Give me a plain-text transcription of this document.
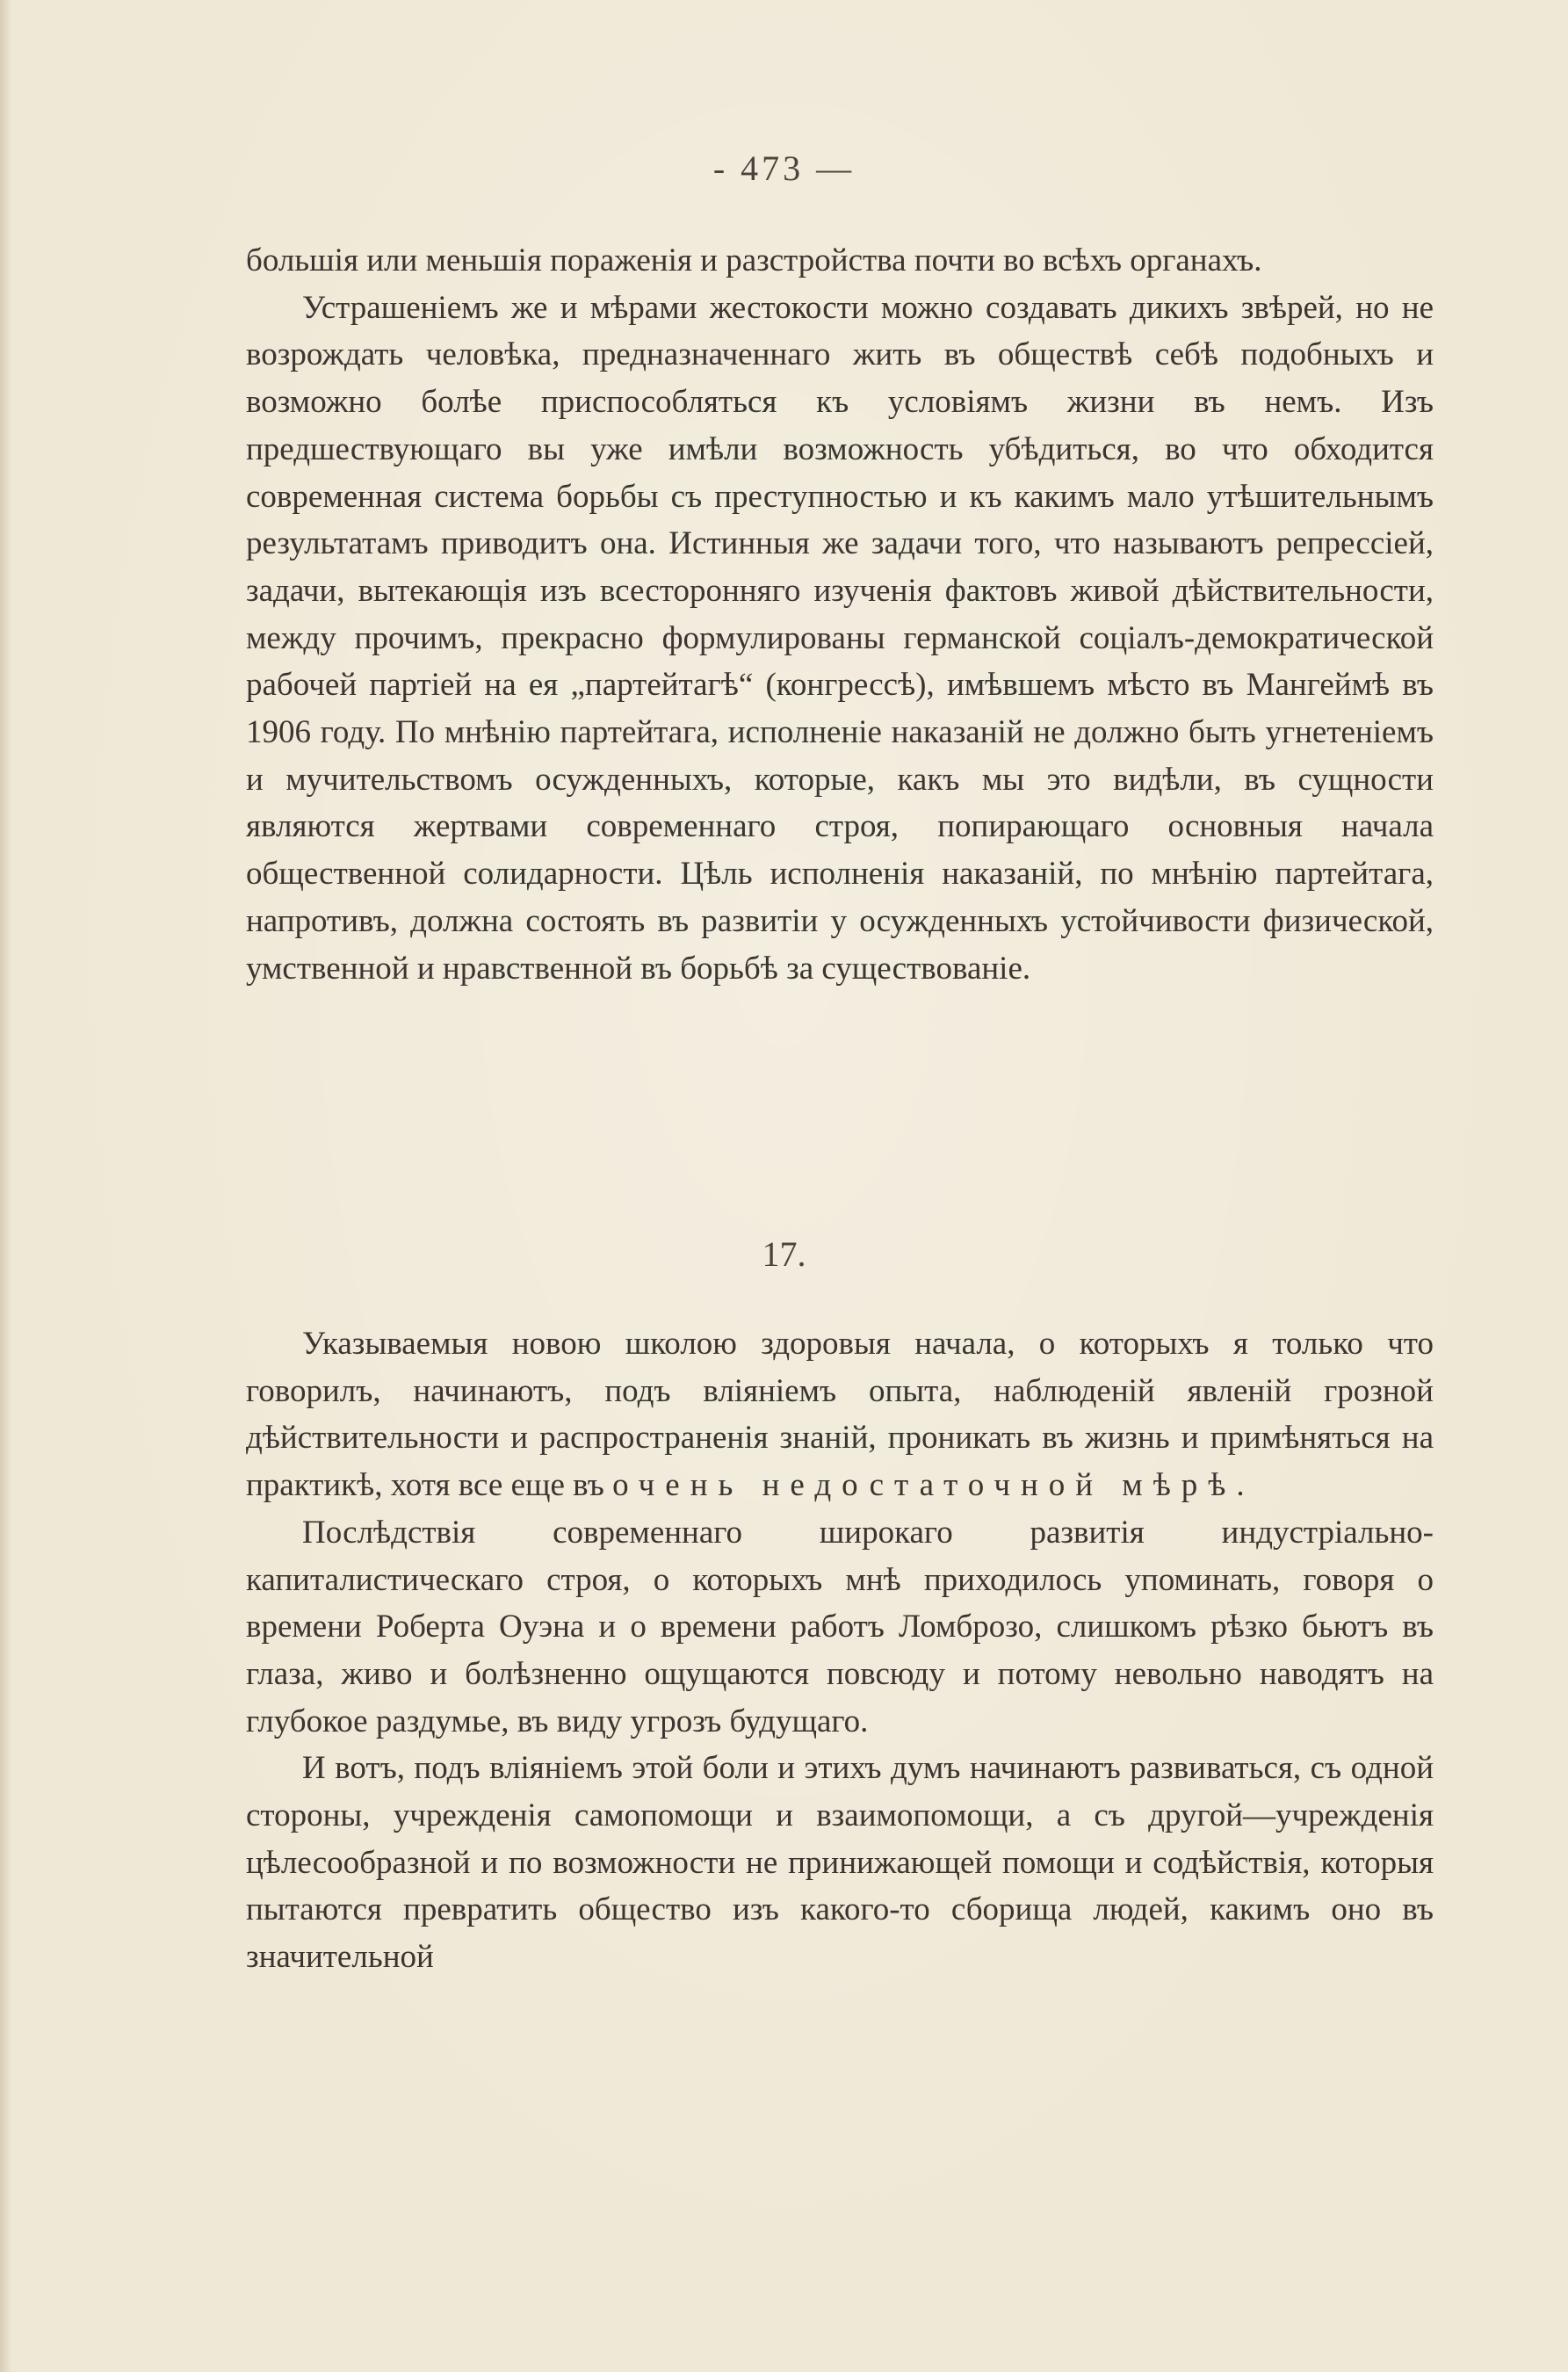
- 473 —

большія или меньшія пораженія и разстройства почти во всѣхъ органахъ.

Устрашеніемъ же и мѣрами жестокости можно создавать дикихъ звѣрей, но не возрождать человѣка, предназначеннаго жить въ обществѣ себѣ подобныхъ и возможно болѣе приспособляться къ условіямъ жизни въ немъ. Изъ предшествующаго вы уже имѣли возможность убѣдиться, во что обходится современная система борьбы съ преступностью и къ какимъ мало утѣшительнымъ результатамъ приводитъ она. Истинныя же задачи того, что называютъ репрессіей, задачи, вытекающія изъ всесторонняго изученія фактовъ живой дѣйствительности, между прочимъ, прекрасно формулированы германской соціалъ-демократической рабочей партіей на ея „партейтагѣ“ (конгрессѣ), имѣвшемъ мѣсто въ Мангеймѣ въ 1906 году. По мнѣнію партейтага, исполненіе наказаній не должно быть угнетеніемъ и мучительствомъ осужденныхъ, которые, какъ мы это видѣли, въ сущности являются жертвами современнаго строя, попирающаго основныя начала общественной солидарности. Цѣль исполненія наказаній, по мнѣнію партейтага, напротивъ, должна состоять въ развитіи у осужденныхъ устойчивости физической, умственной и нравственной въ борьбѣ за существованіе.

17.

Указываемыя новою школою здоровыя начала, о которыхъ я только что говорилъ, начинаютъ, подъ вліяніемъ опыта, наблюденій явленій грозной дѣйствительности и распространенія знаній, проникать въ жизнь и примѣняться на практикѣ, хотя все еще въ очень недостаточной мѣрѣ.

Послѣдствія современнаго широкаго развитія индустріально-капиталистическаго строя, о которыхъ мнѣ приходилось упоминать, говоря о времени Роберта Оуэна и о времени работъ Ломброзо, слишкомъ рѣзко бьютъ въ глаза, живо и болѣзненно ощущаются повсюду и потому невольно наводятъ на глубокое раздумье, въ виду угрозъ будущаго.

И вотъ, подъ вліяніемъ этой боли и этихъ думъ начинаютъ развиваться, съ одной стороны, учрежденія самопомощи и взаимопомощи, а съ другой—учрежденія цѣлесообразной и по возможности не принижающей помощи и содѣйствія, которыя пытаются превратить общество изъ какого-то сборища людей, какимъ оно въ значительной
